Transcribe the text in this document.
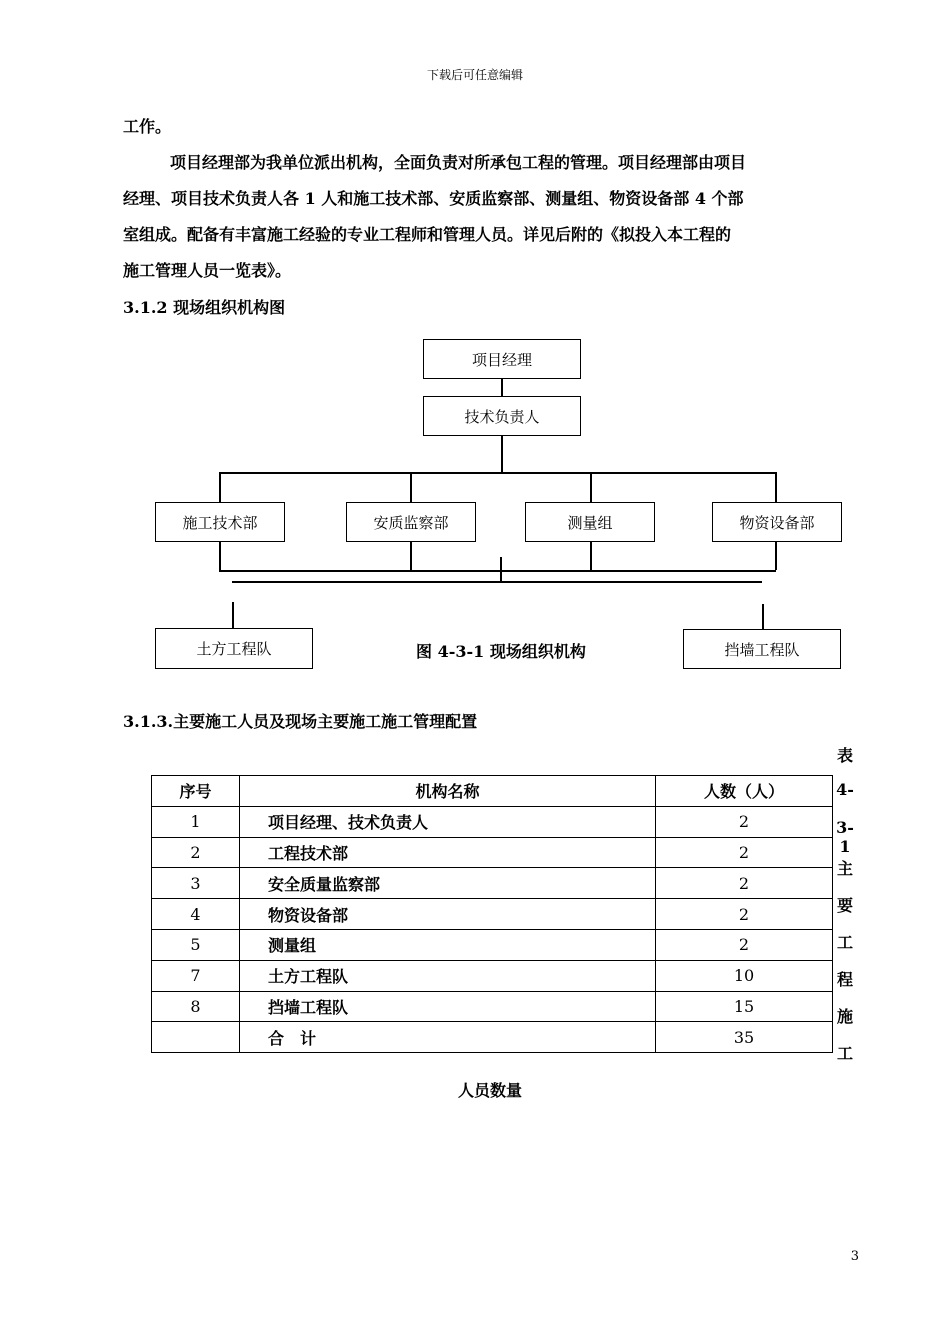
下载后可任意编辑
工作。
项目经理部为我单位派出机构，全面负责对所承包工程的管理。项目经理部由项目
经理、项目技术负责人各 1 人和施工技术部、安质监察部、测量组、物资设备部 4 个部
室组成。配备有丰富施工经验的专业工程师和管理人员。详见后附的《拟投入本工程的
施工管理人员一览表》。
3.1.2 现场组织机构图
项目经理
技术负责人
施工技术部	安质监察部	测量组	物资设备部
土方工程队	挡墙工程队
图 4-3-1 现场组织机构
3.1.3.主要施工人员及现场主要施工施工管理配置
表
4-
3-1
主
要
工
程
施
工
序号	机构名称	人数（人）
1	项目经理、技术负责人	2
2	工程技术部	2
3	安全质量监察部	2
4	物资设备部	2
5	测量组	2
7	土方工程队	10
8	挡墙工程队	15
	合　计	35
人员数量
3
